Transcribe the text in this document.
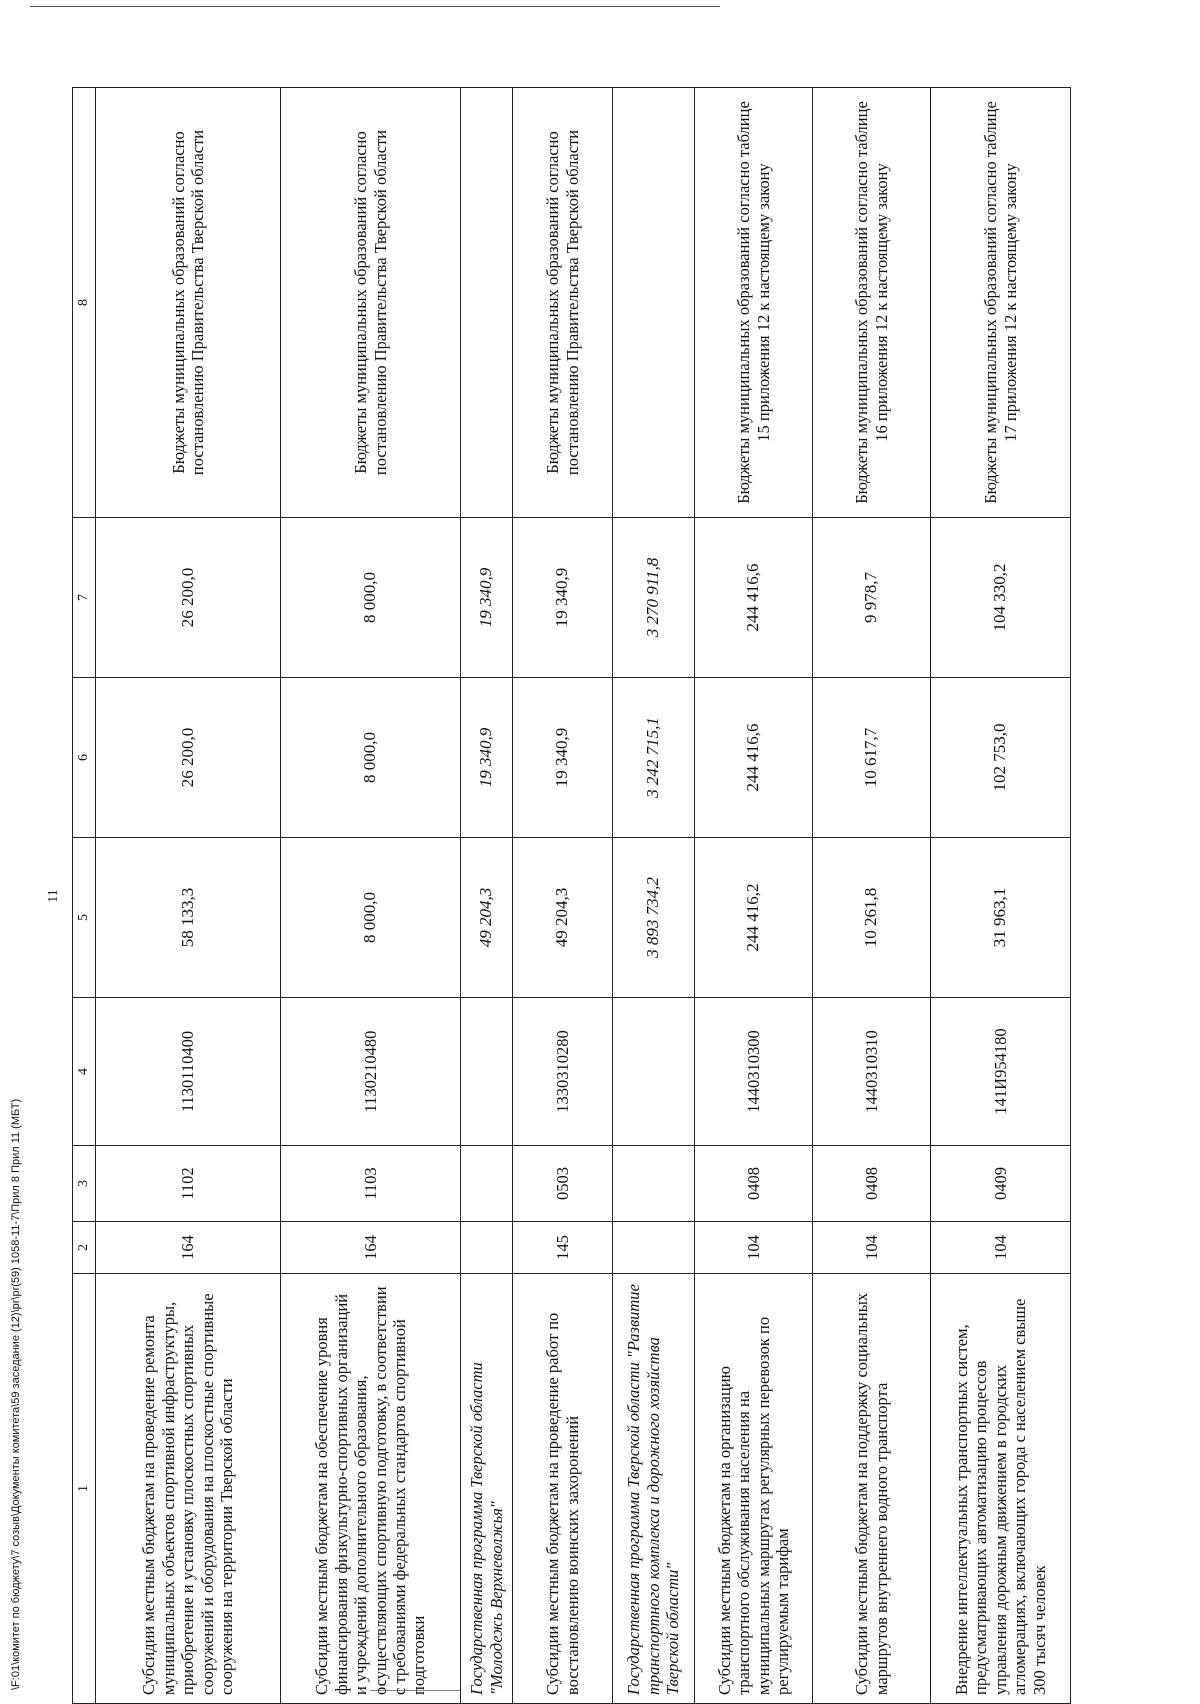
11
1	2	3	4	5	6	7	8
Субсидии местным бюджетам на проведение ремонта муниципальных объектов спортивной инфраструктуры, приобретение и установку плоскостных спортивных сооружений и оборудования на плоскостные спортивные сооружения на территории Тверской области	164	1102	1130110400	58 133,3	26 200,0	26 200,0	Бюджеты муниципальных образований согласно постановлению Правительства Тверской области
Субсидии местным бюджетам на обеспечение уровня финансирования физкультурно-спортивных организаций и учреждений дополнительного образования, осуществляющих спортивную подготовку, в соответствии с требованиями федеральных стандартов спортивной подготовки	164	1103	1130210480	8 000,0	8 000,0	8 000,0	Бюджеты муниципальных образований согласно постановлению Правительства Тверской области
Государственная программа Тверской области "Молодежь Верхневолжья"				49 204,3	19 340,9	19 340,9	
Субсидии местным бюджетам на проведение работ по восстановлению воинских захоронений	145	0503	1330310280	49 204,3	19 340,9	19 340,9	Бюджеты муниципальных образований согласно постановлению Правительства Тверской области
Государственная программа Тверской области "Развитие транспортного комплекса и дорожного хозяйства Тверской области"				3 893 734,2	3 242 715,1	3 270 911,8	
Субсидии местным бюджетам на организацию транспортного обслуживания населения на муниципальных маршрутах регулярных перевозок по регулируемым тарифам	104	0408	1440310300	244 416,2	244 416,6	244 416,6	Бюджеты муниципальных образований согласно таблице 15 приложения 12 к настоящему закону
Субсидии местным бюджетам на поддержку социальных маршрутов внутреннего водного транспорта	104	0408	1440310310	10 261,8	10 617,7	9 978,7	Бюджеты муниципальных образований согласно таблице 16 приложения 12 к настоящему закону
Внедрение интеллектуальных транспортных систем, предусматривающих автоматизацию процессов управления дорожным движением в городских агломерациях, включающих города с населением свыше 300 тысяч человек	104	0409	141И954180	31 963,1	102 753,0	104 330,2	Бюджеты муниципальных образований согласно таблице 17 приложения 12 к настоящему закону
\F:01\комитет по бюджету\7 созыв\Документы комитета\59 заседание (12)\pr\pr(59) 1058-11-7\Прил 8 Прил 11 (МБТ)
